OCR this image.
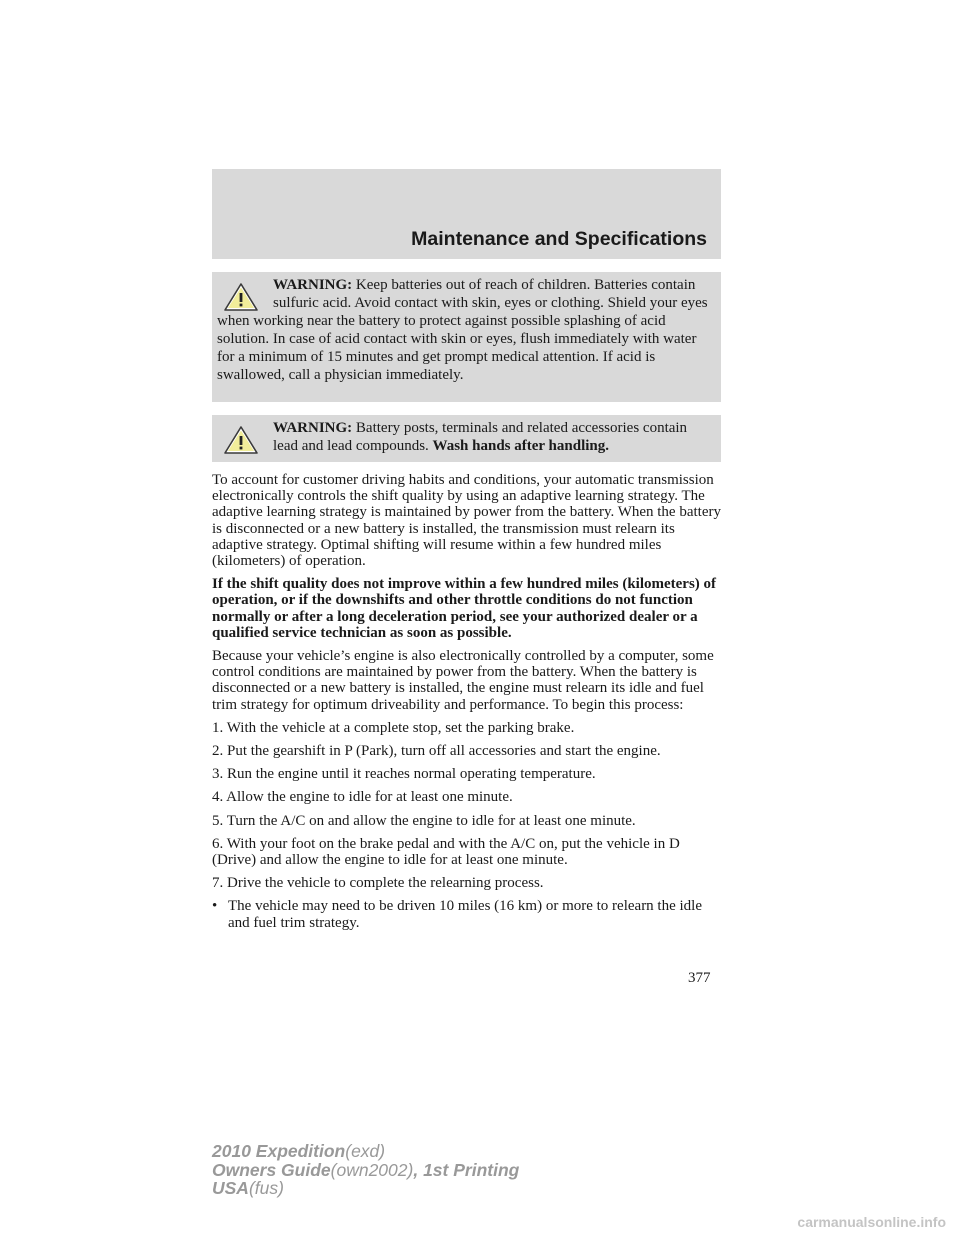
Maintenance and Specifications
WARNING: Keep batteries out of reach of children. Batteries contain sulfuric acid. Avoid contact with skin, eyes or clothing. Shield your eyes when working near the battery to protect against possible splashing of acid solution. In case of acid contact with skin or eyes, flush immediately with water for a minimum of 15 minutes and get prompt medical attention. If acid is swallowed, call a physician immediately.
WARNING: Battery posts, terminals and related accessories contain lead and lead compounds. Wash hands after handling.

To account for customer driving habits and conditions, your automatic transmission electronically controls the shift quality by using an adaptive learning strategy. The adaptive learning strategy is maintained by power from the battery. When the battery is disconnected or a new battery is installed, the transmission must relearn its adaptive strategy. Optimal shifting will resume within a few hundred miles (kilometers) of operation.

If the shift quality does not improve within a few hundred miles (kilometers) of operation, or if the downshifts and other throttle conditions do not function normally or after a long deceleration period, see your authorized dealer or a qualified service technician as soon as possible.

Because your vehicle’s engine is also electronically controlled by a computer, some control conditions are maintained by power from the battery. When the battery is disconnected or a new battery is installed, the engine must relearn its idle and fuel trim strategy for optimum driveability and performance. To begin this process:

1. With the vehicle at a complete stop, set the parking brake.

2. Put the gearshift in P (Park), turn off all accessories and start the engine.

3. Run the engine until it reaches normal operating temperature.

4. Allow the engine to idle for at least one minute.

5. Turn the A/C on and allow the engine to idle for at least one minute.

6. With your foot on the brake pedal and with the A/C on, put the vehicle in D (Drive) and allow the engine to idle for at least one minute.

7. Drive the vehicle to complete the relearning process.

• The vehicle may need to be driven 10 miles (16 km) or more to relearn the idle and fuel trim strategy.
377
2010 Expedition(exd)
Owners Guide(own2002), 1st Printing
USA(fus)
carmanualsonline.info
